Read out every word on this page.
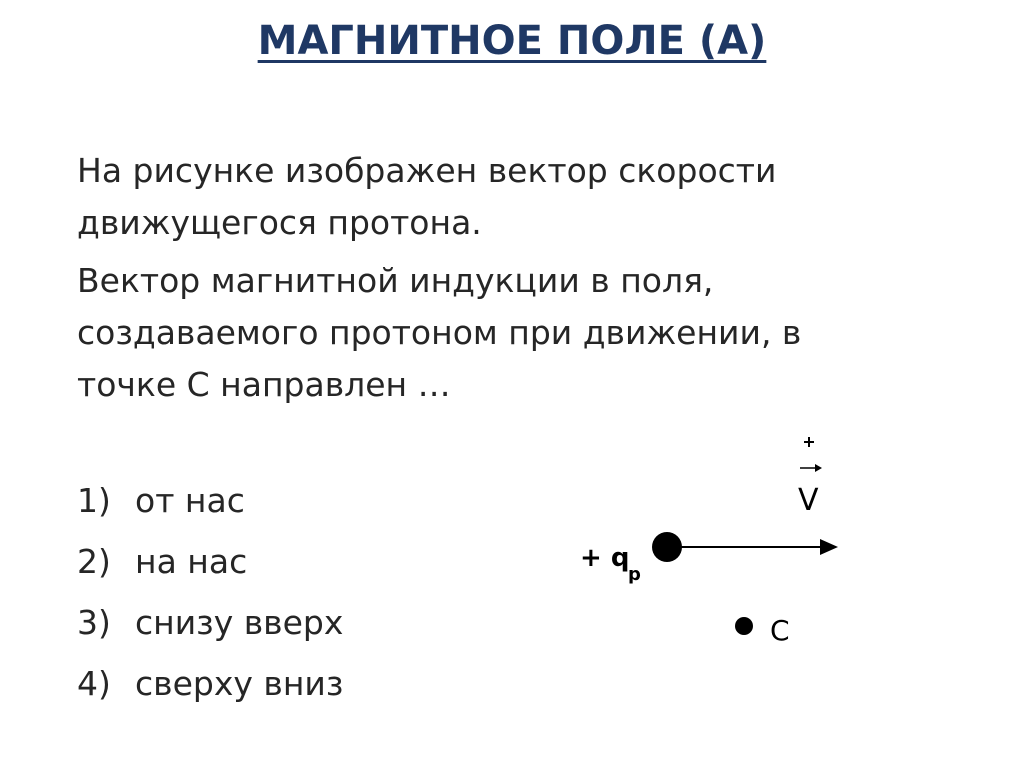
МАГНИТНОЕ ПОЛЕ (А)

На рисунке изображен вектор скорости
движущегося протона.

Вектор магнитной индукции в поля,
создаваемого протоном при движении, в
точке С направлен …

1) от нас
2) на нас
3) снизу вверх
4) сверху вниз
V
+ q
p
C
